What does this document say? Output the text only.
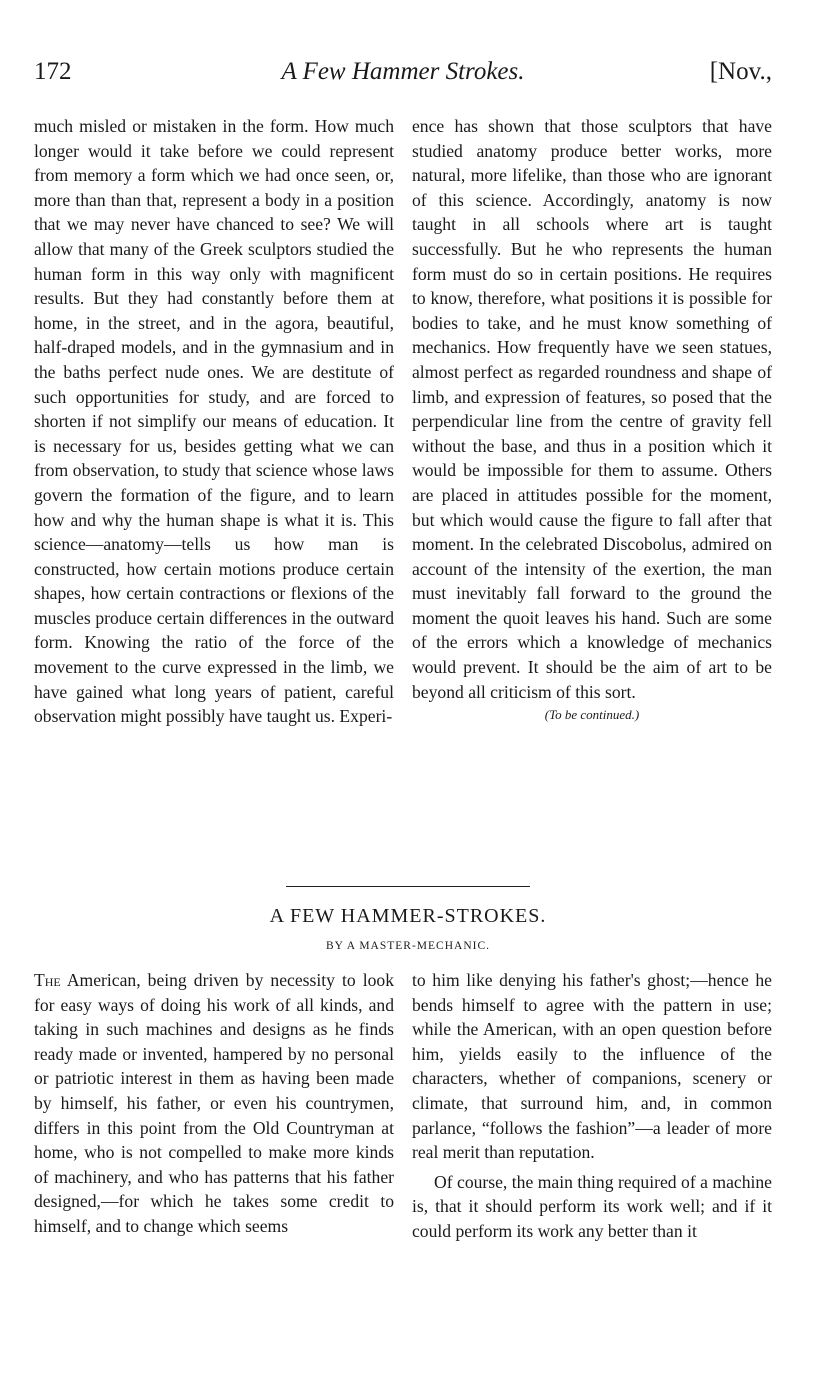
172	A Few Hammer Strokes.	[Nov.,

much misled or mistaken in the form. How much longer would it take before we could represent from memory a form which we had once seen, or, more than than that, represent a body in a position that we may never have chanced to see? We will allow that many of the Greek sculptors studied the human form in this way only with magnificent results. But they had constantly before them at home, in the street, and in the agora, beautiful, half-draped models, and in the gymnasium and in the baths perfect nude ones. We are destitute of such opportunities for study, and are forced to shorten if not simplify our means of education. It is necessary for us, besides getting what we can from observation, to study that science whose laws govern the formation of the figure, and to learn how and why the human shape is what it is. This science—anatomy—tells us how man is constructed, how certain motions produce certain shapes, how certain contractions or flexions of the muscles produce certain differences in the outward form. Knowing the ratio of the force of the movement to the curve expressed in the limb, we have gained what long years of patient, careful observation might possibly have taught us. Experi-

ence has shown that those sculptors that have studied anatomy produce better works, more natural, more lifelike, than those who are ignorant of this science. Accordingly, anatomy is now taught in all schools where art is taught successfully. But he who represents the human form must do so in certain positions. He requires to know, therefore, what positions it is possible for bodies to take, and he must know something of mechanics. How frequently have we seen statues, almost perfect as regarded roundness and shape of limb, and expression of features, so posed that the perpendicular line from the centre of gravity fell without the base, and thus in a position which it would be impossible for them to assume. Others are placed in attitudes possible for the moment, but which would cause the figure to fall after that moment. In the celebrated Discobolus, admired on account of the intensity of the exertion, the man must inevitably fall forward to the ground the moment the quoit leaves his hand. Such are some of the errors which a knowledge of mechanics would prevent. It should be the aim of art to be beyond all criticism of this sort.

(To be continued.)
A FEW HAMMER-STROKES.
BY A MASTER-MECHANIC.

The American, being driven by necessity to look for easy ways of doing his work of all kinds, and taking in such machines and designs as he finds ready made or invented, hampered by no personal or patriotic interest in them as having been made by himself, his father, or even his countrymen, differs in this point from the Old Countryman at home, who is not compelled to make more kinds of machinery, and who has patterns that his father designed,—for which he takes some credit to himself, and to change which seems

to him like denying his father's ghost;—hence he bends himself to agree with the pattern in use; while the American, with an open question before him, yields easily to the influence of the characters, whether of companions, scenery or climate, that surround him, and, in common parlance, “follows the fashion”—a leader of more real merit than reputation.

Of course, the main thing required of a machine is, that it should perform its work well; and if it could perform its work any better than it
